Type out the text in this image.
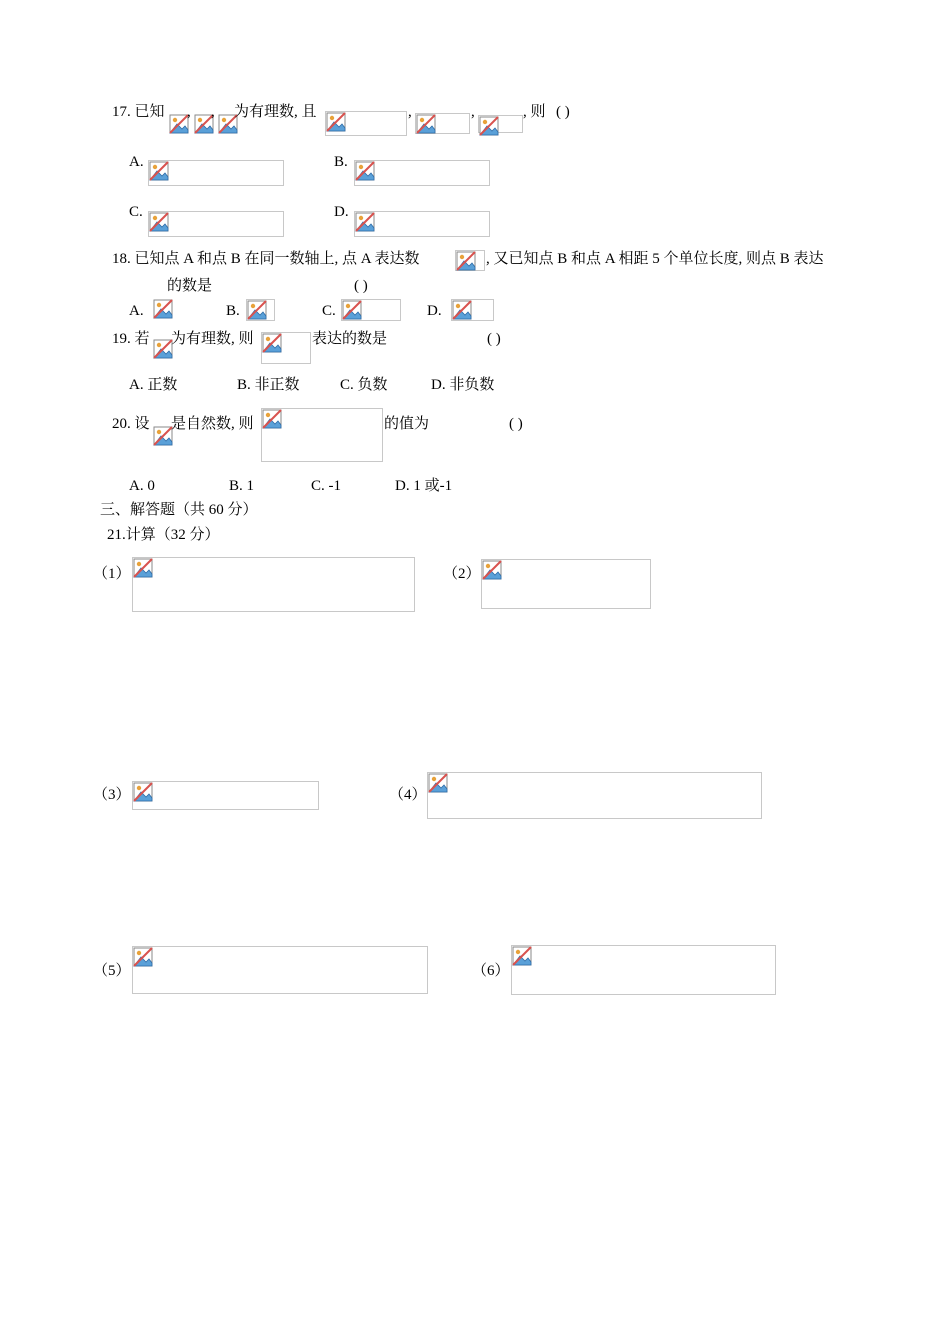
17. 已知 , , 为有理数, 且	,	,	, 则 ( )
A.	B.
C.	D.
18. 已知点 A 和点 B 在同一数轴上, 点 A 表达数	, 又已知点 B 和点 A 相距 5 个单位长度, 则点 B 表达
的数是	( )
A.	B.	C.	D.
19. 若 为有理数, 则	表达的数是	( )
A. 正数	B. 非正数	C. 负数	D. 非负数
20. 设 是自然数, 则	的值为	( )
A. 0	B. 1	C. -1	D. 1 或-1
三、解答题（共 60 分）
21.计算（32 分）
（1）	（2）
（3）	（4）
（5）	（6）
